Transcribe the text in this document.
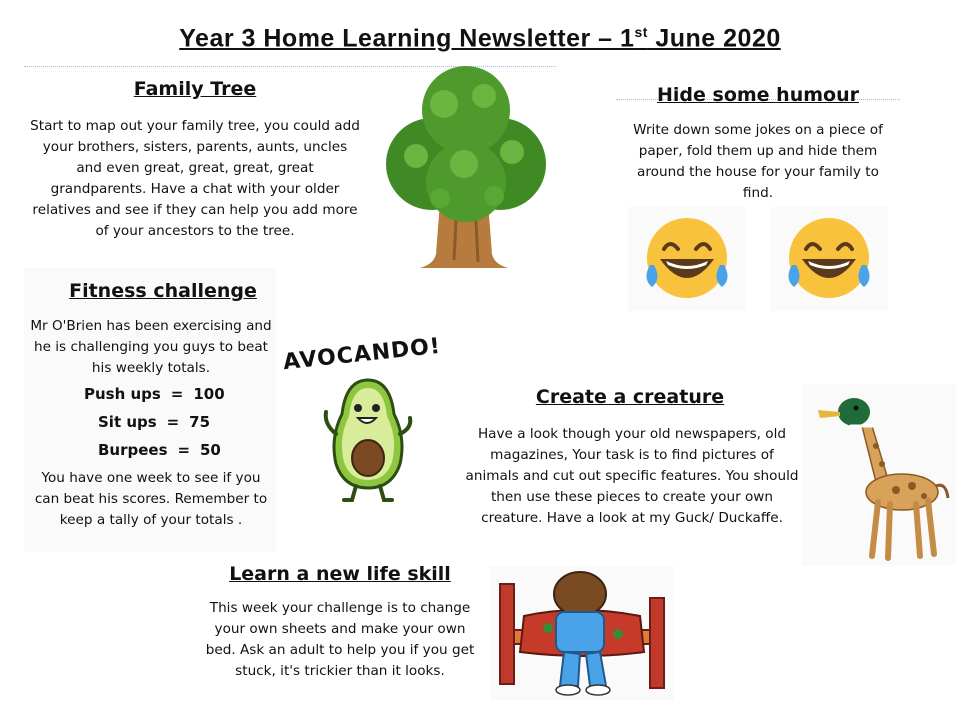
Year 3 Home Learning Newsletter – 1st June 2020
Family Tree
Start to map out your family tree, you could add your brothers, sisters, parents, aunts, uncles and even great, great, great, great grandparents. Have a chat with your older relatives and see if they can help you add more of your ancestors to the tree.
Hide some humour
Write down some jokes on a piece of paper, fold them up and hide them around the house for your family to find.
Fitness challenge
Mr O'Brien has been exercising and he is challenging you guys to beat his weekly totals.
Push ups = 100
Sit ups = 75
Burpees = 50
You have one week to see if you can beat his scores. Remember to keep a tally of your totals .
AVOCANDO!
Create a creature
Have a look though your old newspapers, old magazines, Your task is to find pictures of animals and cut out specific features. You should then use these pieces to create your own creature. Have a look at my Guck/ Duckaffe.
Learn a new life skill
This week your challenge is to change your own sheets and make your own bed. Ask an adult to help you if you get stuck, it's trickier than it looks.
